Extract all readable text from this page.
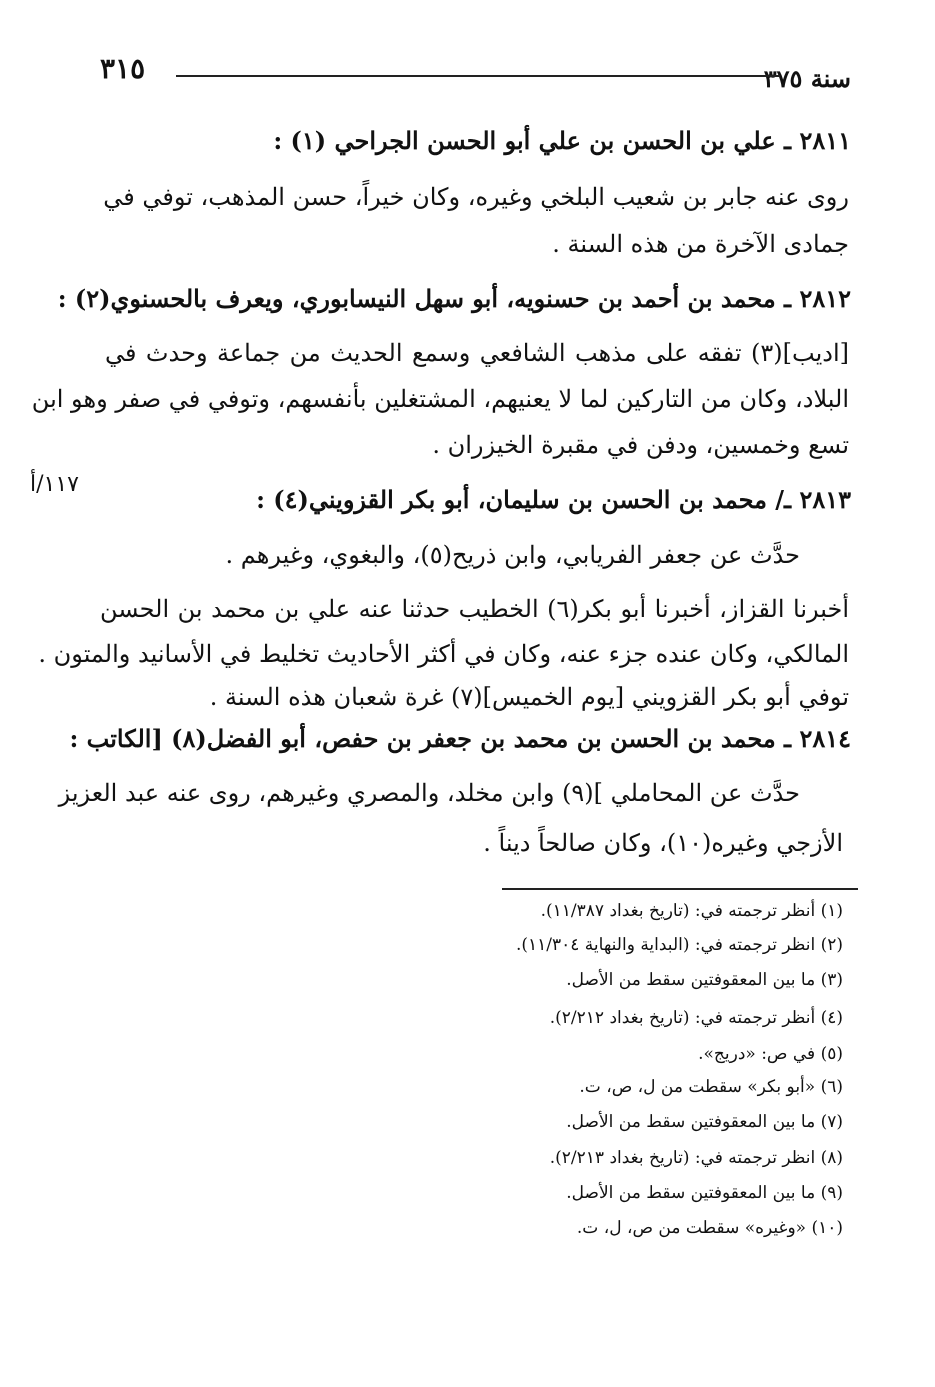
سنة ٣٧٥
٣١٥
١١٧/أ
٢٨١١ ـ علي بن الحسن بن علي أبو الحسن الجراحي (١) :
روى عنه جابر بن شعيب البلخي وغيره، وكان خيراً، حسن المذهب، توفي في
جمادى الآخرة من هذه السنة .
٢٨١٢ ـ محمد بن أحمد بن حسنويه، أبو سهل النيسابوري، ويعرف بالحسنوي(٢) :
[اديب](٣) تفقه على مذهب الشافعي وسمع الحديث من جماعة وحدث في
البلاد، وكان من التاركين لما لا يعنيهم، المشتغلين بأنفسهم، وتوفي في صفر وهو ابن
تسع وخمسين، ودفن في مقبرة الخيزران .
٢٨١٣ ـ/ محمد بن الحسن بن سليمان، أبو بكر القزويني(٤) :
حدَّث عن جعفر الفريابي، وابن ذريح(٥)، والبغوي، وغيرهم .
أخبرنا القزاز، أخبرنا أبو بكر(٦) الخطيب حدثنا عنه علي بن محمد بن الحسن
المالكي، وكان عنده جزء عنه، وكان في أكثر الأحاديث تخليط في الأسانيد والمتون .
توفي أبو بكر القزويني [يوم الخميس](٧) غرة شعبان هذه السنة .
٢٨١٤ ـ محمد بن الحسن بن محمد بن جعفر بن حفص، أبو الفضل(٨) [الكاتب :
حدَّث عن المحاملي ](٩) وابن مخلد، والمصري وغيرهم، روى عنه عبد العزيز
الأزجي وغيره(١٠)، وكان صالحاً ديناً .
(١) أنظر ترجمته في: (تاريخ بغداد ١١/٣٨٧).
(٢) انظر ترجمته في: (البداية والنهاية ١١/٣٠٤).
(٣) ما بين المعقوفتين سقط من الأصل.
(٤) أنظر ترجمته في: (تاريخ بغداد ٢/٢١٢).
(٥) في ص: «دريج».
(٦) «أبو بكر» سقطت من ل، ص، ت.
(٧) ما بين المعقوفتين سقط من الأصل.
(٨) انظر ترجمته في: (تاريخ بغداد ٢/٢١٣).
(٩) ما بين المعقوفتين سقط من الأصل.
(١٠) «وغيره» سقطت من ص، ل، ت.
